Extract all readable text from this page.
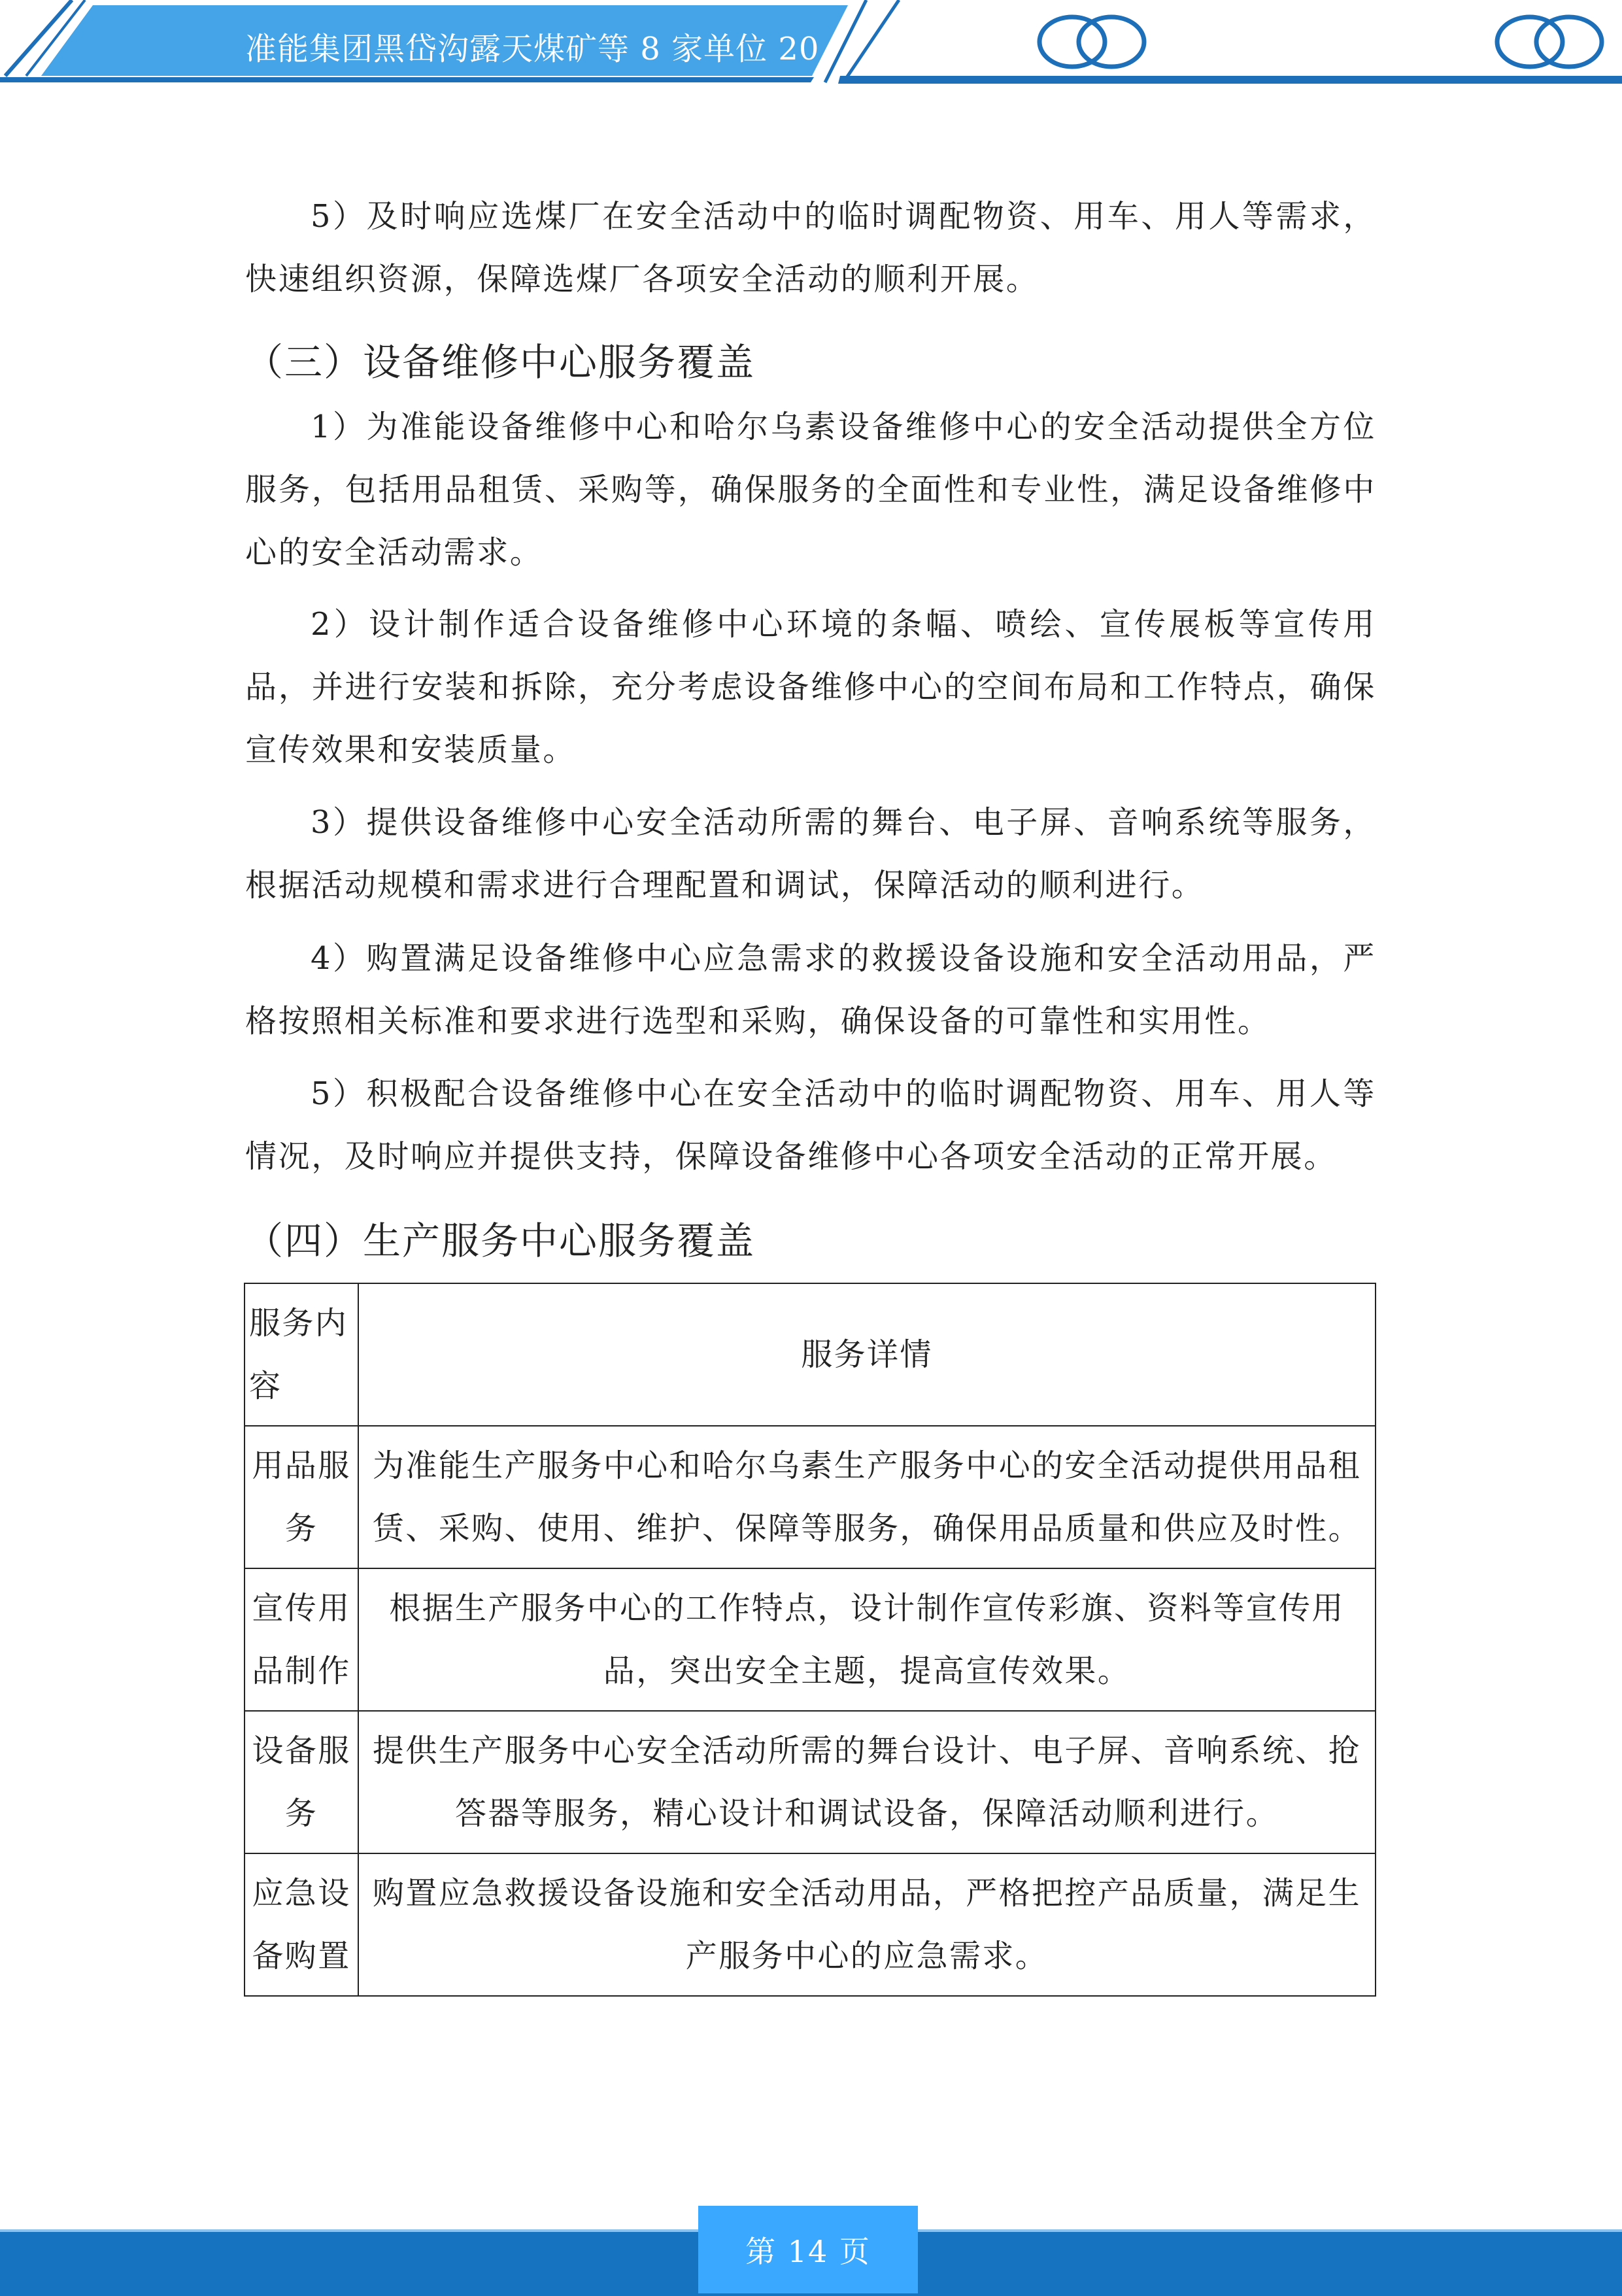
准能集团黑岱沟露天煤矿等 8 家单位 20
5）及时响应选煤厂在安全活动中的临时调配物资、用车、用人等需求，快速组织资源，保障选煤厂各项安全活动的顺利开展。
（三）设备维修中心服务覆盖
1）为准能设备维修中心和哈尔乌素设备维修中心的安全活动提供全方位服务，包括用品租赁、采购等，确保服务的全面性和专业性，满足设备维修中心的安全活动需求。
2）设计制作适合设备维修中心环境的条幅、喷绘、宣传展板等宣传用品，并进行安装和拆除，充分考虑设备维修中心的空间布局和工作特点，确保宣传效果和安装质量。
3）提供设备维修中心安全活动所需的舞台、电子屏、音响系统等服务，根据活动规模和需求进行合理配置和调试，保障活动的顺利进行。
4）购置满足设备维修中心应急需求的救援设备设施和安全活动用品，严格按照相关标准和要求进行选型和采购，确保设备的可靠性和实用性。
5）积极配合设备维修中心在安全活动中的临时调配物资、用车、用人等情况，及时响应并提供支持，保障设备维修中心各项安全活动的正常开展。
（四）生产服务中心服务覆盖
服务内容	服务详情
用品服务	为准能生产服务中心和哈尔乌素生产服务中心的安全活动提供用品租赁、采购、使用、维护、保障等服务，确保用品质量和供应及时性。
宣传用品制作	根据生产服务中心的工作特点，设计制作宣传彩旗、资料等宣传用品，突出安全主题，提高宣传效果。
设备服务	提供生产服务中心安全活动所需的舞台设计、电子屏、音响系统、抢答器等服务，精心设计和调试设备，保障活动顺利进行。
应急设备购置	购置应急救援设备设施和安全活动用品，严格把控产品质量，满足生产服务中心的应急需求。
第 14 页
